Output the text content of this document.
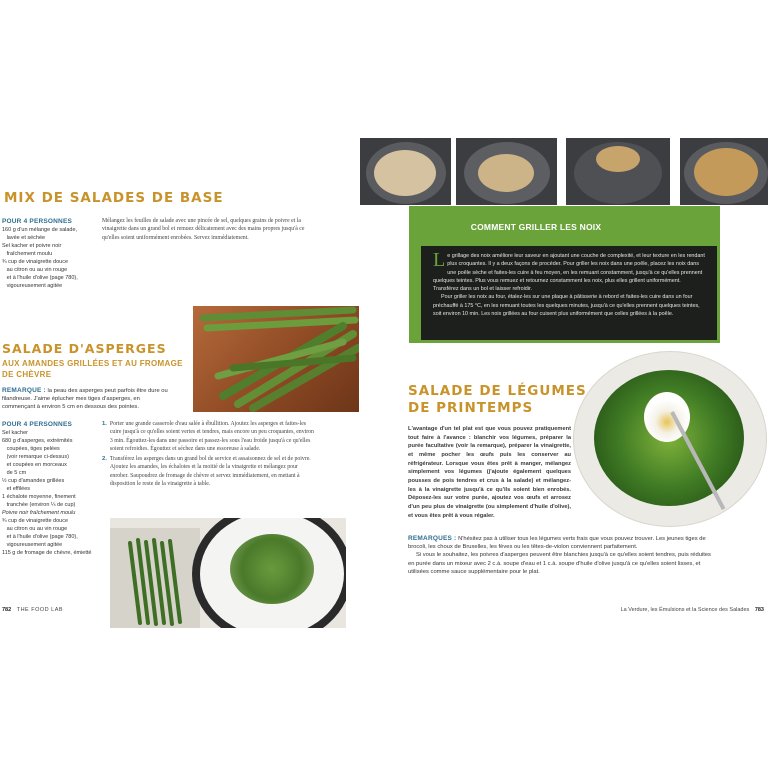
MIX DE SALADES DE BASE
POUR 4 PERSONNES
160 g d'un mélange de salade,
lavée et séchée
Sel kacher et poivre noir
fraîchement moulu
¾ cup de vinaigrette douce
au citron ou au vin rouge
et à l'huile d'olive (page 780),
vigoureusement agitée
Mélangez les feuilles de salade avec une pincée de sel, quelques grains de poivre et la vinaigrette dans un grand bol et remuez délicatement avec des mains propres jusqu'à ce qu'elles soient uniformément enrobées. Servez immédiatement.
SALADE D'ASPERGES
AUX AMANDES GRILLÉES ET AU FROMAGE DE CHÈVRE
REMARQUE : la peau des asperges peut parfois être dure ou filandreuse. J'aime éplucher mes tiges d'asperges, en commençant à environ 5 cm en dessous des pointes.
POUR 4 PERSONNES
Sel kacher
680 g d'asperges, extrémités
coupées, tiges pelées
(voir remarque ci-dessus)
et coupées en morceaux
de 5 cm
½ cup d'amandes grillées
et effilées
1 échalote moyenne, finement
tranchée (environ ¼ de cup)
Poivre noir fraîchement moulu
¾ cup de vinaigrette douce
au citron ou au vin rouge
et à l'huile d'olive (page 780),
vigoureusement agitée
115 g de fromage de chèvre, émietté
1. Porter une grande casserole d'eau salée à ébullition. Ajoutez les asperges et faites-les cuire jusqu'à ce qu'elles soient vertes et tendres, mais encore un peu croquantes, environ 3 min. Égouttez-les dans une passoire et passez-les sous l'eau froide jusqu'à ce qu'elles soient refroidies. Égouttez et séchez dans une essoreuse à salade.
2. Transférez les asperges dans un grand bol de service et assaisonnez de sel et de poivre. Ajoutez les amandes, les échalotes et la moitié de la vinaigrette et mélangez pour enrober. Saupoudrez de fromage de chèvre et servez immédiatement, en mettant à disposition le reste de la vinaigrette à table.
782 THE FOOD LAB
COMMENT GRILLER LES NOIX

L e grillage des noix améliore leur saveur en ajoutant une couche de complexité, et leur texture en les rendant plus croquantes. Il y a deux façons de procéder. Pour griller les noix dans une poêle, placez les noix dans une poêle sèche et faites-les cuire à feu moyen, en les remuant constamment, jusqu'à ce qu'elles prennent quelques teintes. Plus vous remuez et retournez constamment les noix, plus elles grillent uniformément. Transférez dans un bol et laisser refroidir.

Pour griller les noix au four, étalez-les sur une plaque à pâtisserie à rebord et faites-les cuire dans un four préchauffé à 175 °C, en les remuant toutes les quelques minutes, jusqu'à ce qu'elles prennent quelques teintes, soit environ 10 min. Les noix grillées au four cuisent plus uniformément que celles grillées à la poêle.

SALADE DE LÉGUMES
DE PRINTEMPS
L'avantage d'un tel plat est que vous pouvez pratiquement tout faire à l'avance : blanchir vos légumes, préparer la purée facultative (voir la remarque), préparer la vinaigrette, et même pocher les œufs puis les conserver au réfrigérateur. Lorsque vous êtes prêt à manger, mélangez simplement vos légumes (j'ajoute également quelques pousses de pois tendres et crus à la salade) et mélangez-les à la vinaigrette jusqu'à ce qu'ils soient bien enrobés. Déposez-les sur votre purée, ajoutez vos œufs et arrosez d'un peu plus de vinaigrette (ou simplement d'huile d'olive), et vous êtes prêt à vous régaler.
REMARQUES : N'hésitez pas à utiliser tous les légumes verts frais que vous pouvez trouver. Les jeunes tiges de brocoli, les choux de Bruxelles, les fèves ou les têtes-de-violon conviennent parfaitement.
Si vous le souhaitez, les poivres d'asperges peuvent être blanchies jusqu'à ce qu'elles soient tendres, puis réduites en purée dans un mixeur avec 2 c.à. soupe d'eau et 1 c.à. soupe d'huile d'olive jusqu'à ce qu'elles soient lisses, et utilisées comme sauce supplémentaire pour le plat.
La Verdure, les Émulsions et la Science des Salades 783
